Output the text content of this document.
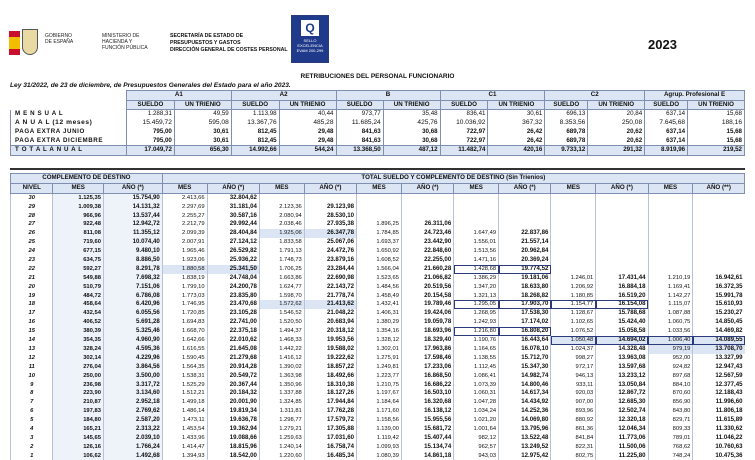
GOBIERNO DE ESPAÑA
MINISTERIO DE HACIENDA Y FUNCIÓN PÚBLICA
SECRETARÍA DE ESTADO DE
PRESUPUESTOS Y GASTOS
DIRECCIÓN GENERAL DE COSTES PERSONAL
Q
SELLO EXCELENCIA EVAM 200-299	2023
RETRIBUCIONES DEL PERSONAL FUNCIONARIO
Ley 31/2022, de 23 de diciembre, de Presupuestos Generales del Estado para el año 2023.
	A1		A2		B		C1		C2		Agrup. Profesional E	
	SUELDO	UN TRIENIO	SUELDO	UN TRIENIO	SUELDO	UN TRIENIO	SUELDO	UN TRIENIO	SUELDO	UN TRIENIO	SUELDO	UN TRIENIO
M E N S U A L	1.288,31	49,59	1.113,98	40,44	973,77	35,48	836,41	30,61	696,13	20,84	637,14	15,68
A N U A L (12 meses)	15.459,72	595,08	13.367,76	485,28	11.685,24	425,76	10.036,92	367,32	8.353,56	250,08	7.645,68	188,16
PAGA EXTRA JUNIO	795,00	30,61	812,45	29,48	841,63	30,68	722,97	26,42	689,78	20,62	637,14	15,68
PAGA EXTRA DICIEMBRE	795,00	30,61	812,45	29,48	841,63	30,68	722,97	26,42	689,78	20,62	637,14	15,68
T O T A L A N U A L	17.049,72	656,30	14.992,66	544,24	13.368,50	487,12	11.482,74	420,16	9.733,12	291,32	8.919,96	219,52
COMPLEMENTO DE DESTINO			TOTAL SUELDO Y COMPLEMENTO DE DESTINO (Sin Trienios)											
NIVEL	MES	AÑO (*)	MES	AÑO (*)	MES	AÑO (*)	MES	AÑO (*)	MES	AÑO (*)	MES	AÑO (*)	MES	AÑO (**)
30	1.125,35	15.754,90	2.413,66	32.804,62										
29	1.009,38	14.131,32	2.297,69	31.181,04	2.123,36	29.123,98								
28	966,96	13.537,44	2.255,27	30.587,16	2.080,94	28.530,10								
27	922,48	12.942,72	2.212,79	29.992,44	2.038,46	27.935,38	1.896,25	26.311,06						
26	811,08	11.355,12	2.099,39	28.404,84	1.925,06	26.347,78	1.784,85	24.723,46	1.647,49	22.837,86				
25	719,60	10.074,40	2.007,91	27.124,12	1.833,58	25.067,06	1.693,37	23.442,90	1.556,01	21.557,14				
24	677,15	9.480,10	1.965,46	26.529,82	1.791,13	24.472,76	1.650,92	22.848,60	1.513,56	20.962,84				
23	634,75	8.886,50	1.923,06	25.936,22	1.748,73	23.879,16	1.608,52	22.255,00	1.471,16	20.369,24				
22	592,27	8.291,78	1.880,58	25.341,50	1.706,25	23.284,44	1.566,04	21.660,28	1.428,68	19.774,52				
21	549,88	7.698,32	1.838,19	24.748,04	1.663,86	22.690,98	1.523,65	21.066,82	1.386,29	19.181,06	1.246,01	17.431,44	1.210,19	16.942,61
20	510,79	7.151,06	1.799,10	24.200,78	1.624,77	22.143,72	1.484,56	20.519,56	1.347,20	18.633,80	1.206,92	16.884,18	1.169,41	16.372,35
19	484,72	6.786,08	1.773,03	23.835,80	1.598,70	21.778,74	1.458,49	20.154,58	1.321,13	18.268,82	1.180,85	16.519,20	1.142,27	15.991,78
18	458,64	6.420,96	1.746,95	23.470,68	1.572,62	21.413,62	1.432,41	19.789,46	1.295,05	17.903,70	1.154,77	16.154,08	1.115,07	15.610,93
17	432,54	6.055,56	1.720,85	23.105,28	1.546,52	21.048,22	1.406,31	19.424,06	1.268,95	17.538,30	1.128,67	15.788,68	1.087,88	15.230,27
16	406,52	5.691,28	1.694,83	22.741,00	1.520,50	20.683,94	1.380,29	19.059,78	1.242,93	17.174,02	1.102,65	15.424,40	1.060,75	14.850,45
15	380,39	5.325,46	1.668,70	22.375,18	1.494,37	20.318,12	1.354,16	18.693,96	1.216,80	16.808,20	1.076,52	15.058,58	1.033,56	14.469,82
14	354,35	4.960,90	1.642,66	22.010,62	1.468,33	19.953,56	1.328,12	18.329,40	1.190,76	16.443,64	1.050,48	14.694,02	1.006,40	14.089,55
13	328,24	4.595,36	1.616,55	21.645,08	1.442,22	19.588,02	1.302,01	17.963,86	1.164,65	16.078,10	1.024,37	14.328,48	979,19	13.708,70
12	302,14	4.229,96	1.590,45	21.279,68	1.416,12	19.222,62	1.275,91	17.598,46	1.138,55	15.712,70	998,27	13.963,08	952,00	13.327,99
11	276,04	3.864,56	1.564,35	20.914,28	1.390,02	18.857,22	1.249,81	17.233,06	1.112,45	15.347,30	972,17	13.597,68	924,82	12.947,43
10	250,00	3.500,00	1.538,31	20.549,72	1.363,98	18.492,66	1.223,77	16.868,50	1.086,41	14.982,74	946,13	13.233,12	897,68	12.567,59
9	236,98	3.317,72	1.525,29	20.367,44	1.350,96	18.310,38	1.210,75	16.686,22	1.073,39	14.800,46	933,11	13.050,84	884,10	12.377,45
8	223,90	3.134,60	1.512,21	20.184,32	1.337,88	18.127,26	1.197,67	16.503,10	1.060,31	14.617,34	920,03	12.867,72	870,60	12.188,43
7	210,87	2.952,18	1.499,18	20.001,90	1.324,85	17.944,84	1.184,64	16.320,68	1.047,28	14.434,92	907,00	12.685,30	856,90	11.996,60
6	197,83	2.769,62	1.486,14	19.819,34	1.311,81	17.762,28	1.171,60	16.138,12	1.034,24	14.252,36	893,96	12.502,74	843,80	11.806,18
5	184,80	2.587,20	1.473,11	19.636,78	1.298,77	17.579,72	1.158,56	15.955,56	1.021,20	14.069,80	880,92	12.320,18	829,71	11.615,89
4	165,21	2.313,22	1.453,54	19.362,94	1.279,21	17.305,88	1.139,00	15.681,72	1.001,64	13.795,96	861,36	12.046,34	809,33	11.330,62
3	145,65	2.039,10	1.433,96	19.088,66	1.259,63	17.031,60	1.119,42	15.407,44	982,12	13.522,48	841,84	11.773,06	789,01	11.046,22
2	126,16	1.766,24	1.414,47	18.815,96	1.240,14	16.758,74	1.099,93	15.134,74	962,57	13.249,52	822,31	11.500,06	768,62	10.760,63
1	106,62	1.492,68	1.394,93	18.542,00	1.220,60	16.485,34	1.080,39	14.861,18	943,03	12.975,42	802,75	11.225,80	748,24	10.475,36
